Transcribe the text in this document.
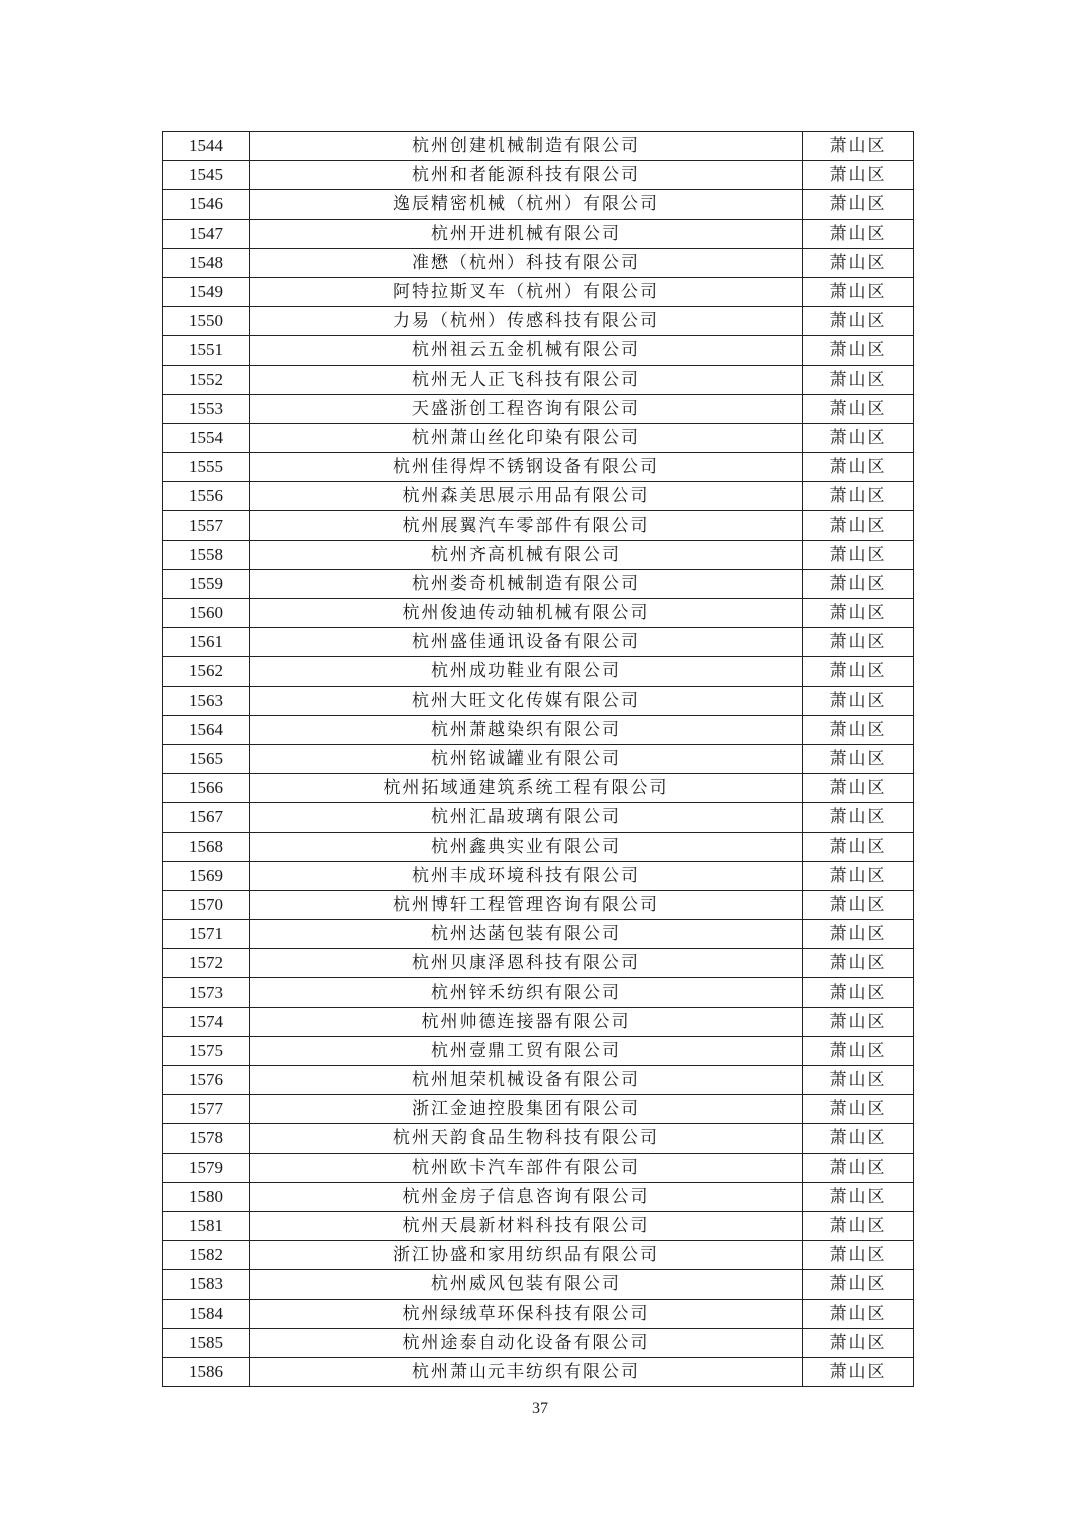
1544	杭州创建机械制造有限公司	萧山区
1545	杭州和者能源科技有限公司	萧山区
1546	逸辰精密机械（杭州）有限公司	萧山区
1547	杭州开进机械有限公司	萧山区
1548	准懋（杭州）科技有限公司	萧山区
1549	阿特拉斯叉车（杭州）有限公司	萧山区
1550	力易（杭州）传感科技有限公司	萧山区
1551	杭州祖云五金机械有限公司	萧山区
1552	杭州无人正飞科技有限公司	萧山区
1553	天盛浙创工程咨询有限公司	萧山区
1554	杭州萧山丝化印染有限公司	萧山区
1555	杭州佳得焊不锈钢设备有限公司	萧山区
1556	杭州森美思展示用品有限公司	萧山区
1557	杭州展翼汽车零部件有限公司	萧山区
1558	杭州齐高机械有限公司	萧山区
1559	杭州娄奇机械制造有限公司	萧山区
1560	杭州俊迪传动轴机械有限公司	萧山区
1561	杭州盛佳通讯设备有限公司	萧山区
1562	杭州成功鞋业有限公司	萧山区
1563	杭州大旺文化传媒有限公司	萧山区
1564	杭州萧越染织有限公司	萧山区
1565	杭州铭诚罐业有限公司	萧山区
1566	杭州拓域通建筑系统工程有限公司	萧山区
1567	杭州汇晶玻璃有限公司	萧山区
1568	杭州鑫典实业有限公司	萧山区
1569	杭州丰成环境科技有限公司	萧山区
1570	杭州博轩工程管理咨询有限公司	萧山区
1571	杭州达菡包装有限公司	萧山区
1572	杭州贝康泽恩科技有限公司	萧山区
1573	杭州锌禾纺织有限公司	萧山区
1574	杭州帅德连接器有限公司	萧山区
1575	杭州壹鼎工贸有限公司	萧山区
1576	杭州旭荣机械设备有限公司	萧山区
1577	浙江金迪控股集团有限公司	萧山区
1578	杭州天韵食品生物科技有限公司	萧山区
1579	杭州欧卡汽车部件有限公司	萧山区
1580	杭州金房子信息咨询有限公司	萧山区
1581	杭州天晨新材料科技有限公司	萧山区
1582	浙江协盛和家用纺织品有限公司	萧山区
1583	杭州威风包装有限公司	萧山区
1584	杭州绿绒草环保科技有限公司	萧山区
1585	杭州途泰自动化设备有限公司	萧山区
1586	杭州萧山元丰纺织有限公司	萧山区
37
